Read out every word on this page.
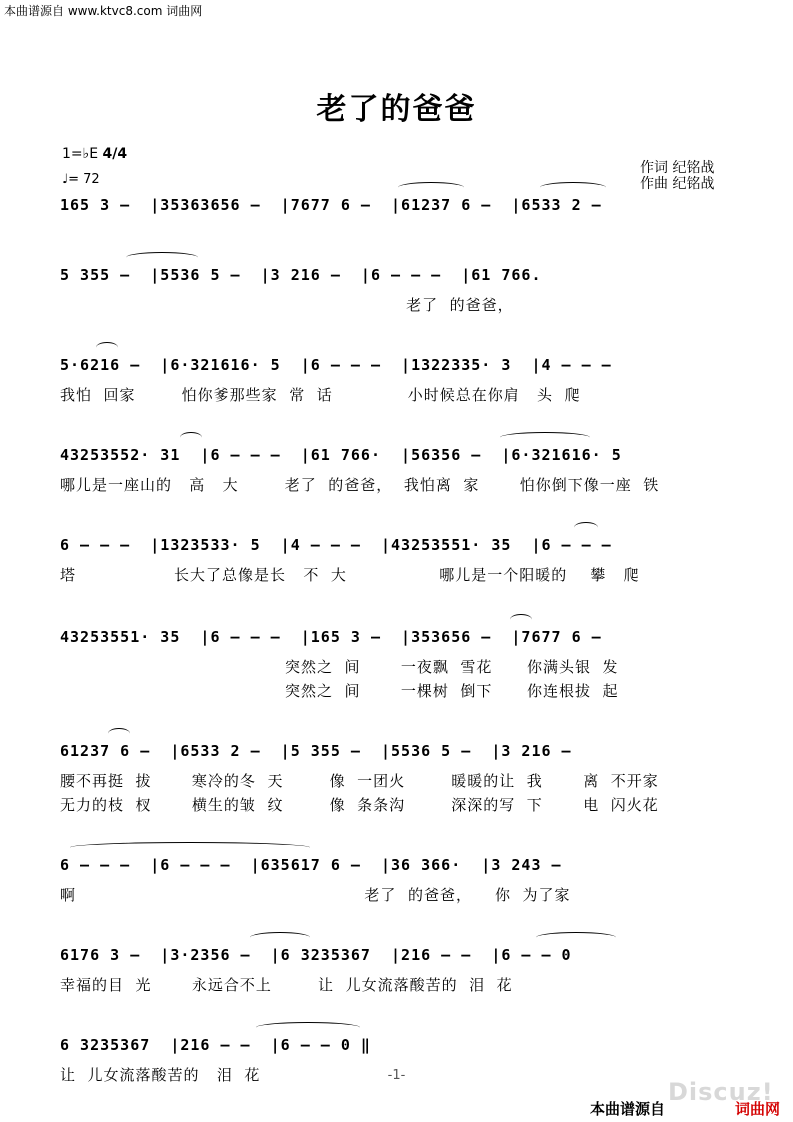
本曲谱源自 www.ktvc8.com 词曲网
老了的爸爸
1=♭E 4/4
♩= 72
作词 纪铭战
作曲 纪铭战
165 3 –  |35363656 –  |7677 6 –  |61237 6 –  |6533 2 –
5 355 –  |5536 5 –  |3 216 –  |6 – – –  |61 766.
老了  的爸爸，
5·6216 –  |6·321616· 5  |6 – – –  |1322335· 3  |4 – – –
我怕  回家        怕你爹那些家  常  话             小时候总在你肩   头  爬
43253552· 31  |6 – – –  |61 766·  |56356 –  |6·321616· 5
哪儿是一座山的   高   大        老了  的爸爸，  我怕离  家       怕你倒下像一座  铁
6 – – –  |1323533· 5  |4 – – –  |43253551· 35  |6 – – –
塔                 长大了总像是长   不  大                哪儿是一个阳暖的    攀   爬
43253551· 35  |6 – – –  |165 3 –  |353656 –  |7677 6 –
突然之  间       一夜飘  雪花      你满头银  发
突然之  间       一棵树  倒下      你连根拔  起
61237 6 –  |6533 2 –  |5 355 –  |5536 5 –  |3 216 –
腰不再挺  拔       寒冷的冬  天        像  一团火        暖暖的让  我       离  不开家
无力的枝  杈       横生的皱  纹        像  条条沟        深深的写  下       电  闪火花
6 – – –  |6 – – –  |635617 6 –  |36 366·  |3 243 –
啊                                                  老了  的爸爸，    你  为了家
6176 3 –  |3·2356 –  |6 3235367  |216 – –  |6 – – 0
幸福的目  光       永远合不上        让  儿女流落酸苦的  泪  花
6 3235367  |216 – –  |6 – – 0 ‖
让  儿女流落酸苦的   泪  花	-1-
Discuz!
本曲谱源自	词曲网
